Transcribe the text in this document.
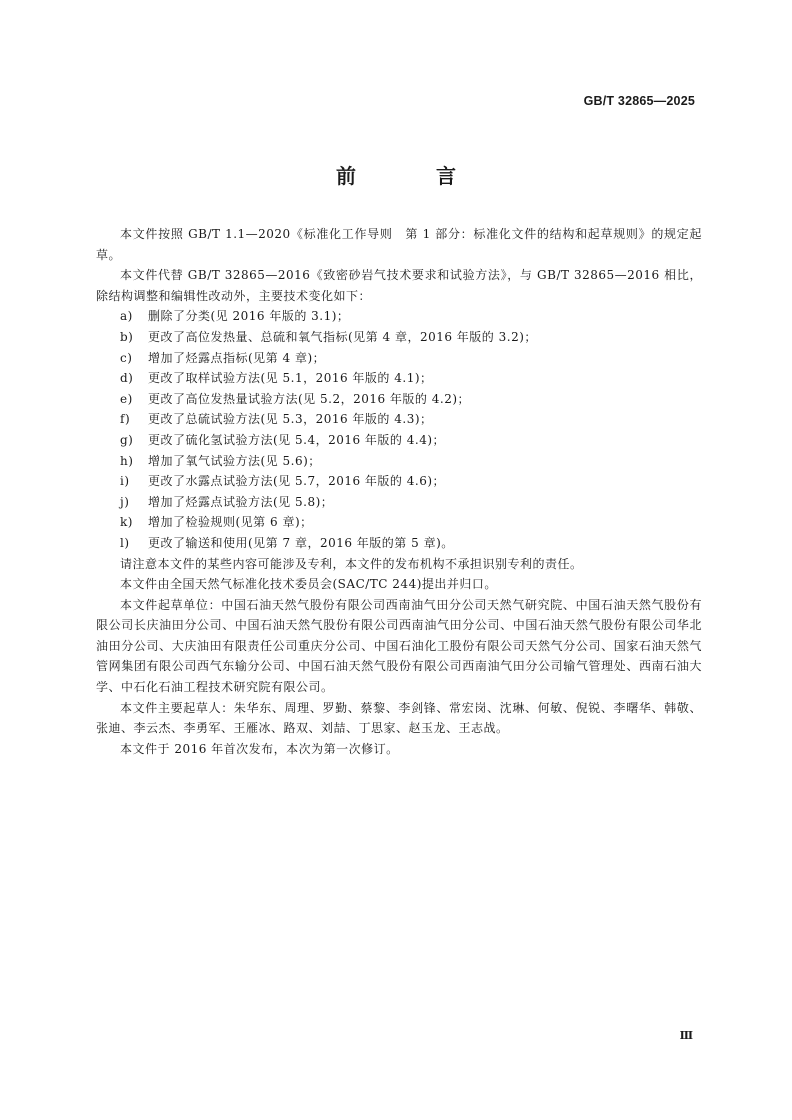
GB/T 32865—2025
前　言

本文件按照 GB/T 1.1—2020《标准化工作导则　第 1 部分：标准化文件的结构和起草规则》的规定起草。

本文件代替 GB/T 32865—2016《致密砂岩气技术要求和试验方法》，与 GB/T 32865—2016 相比，除结构调整和编辑性改动外，主要技术变化如下：

a) 删除了分类(见 2016 年版的 3.1)；
b) 更改了高位发热量、总硫和氧气指标(见第 4 章，2016 年版的 3.2)；
c) 增加了烃露点指标(见第 4 章)；
d) 更改了取样试验方法(见 5.1，2016 年版的 4.1)；
e) 更改了高位发热量试验方法(见 5.2，2016 年版的 4.2)；
f) 更改了总硫试验方法(见 5.3，2016 年版的 4.3)；
g) 更改了硫化氢试验方法(见 5.4，2016 年版的 4.4)；
h) 增加了氧气试验方法(见 5.6)；
i) 更改了水露点试验方法(见 5.7，2016 年版的 4.6)；
j) 增加了烃露点试验方法(见 5.8)；
k) 增加了检验规则(见第 6 章)；
l) 更改了输送和使用(见第 7 章，2016 年版的第 5 章)。

请注意本文件的某些内容可能涉及专利，本文件的发布机构不承担识别专利的责任。

本文件由全国天然气标准化技术委员会(SAC/TC 244)提出并归口。

本文件起草单位：中国石油天然气股份有限公司西南油气田分公司天然气研究院、中国石油天然气股份有限公司长庆油田分公司、中国石油天然气股份有限公司西南油气田分公司、中国石油天然气股份有限公司华北油田分公司、大庆油田有限责任公司重庆分公司、中国石油化工股份有限公司天然气分公司、国家石油天然气管网集团有限公司西气东输分公司、中国石油天然气股份有限公司西南油气田分公司输气管理处、西南石油大学、中石化石油工程技术研究院有限公司。

本文件主要起草人：朱华东、周理、罗勤、蔡黎、李剑锋、常宏岗、沈琳、何敏、倪锐、李曙华、韩敬、张迪、李云杰、李勇军、王雁冰、路双、刘喆、丁思家、赵玉龙、王志战。

本文件于 2016 年首次发布，本次为第一次修订。

Ⅲ
